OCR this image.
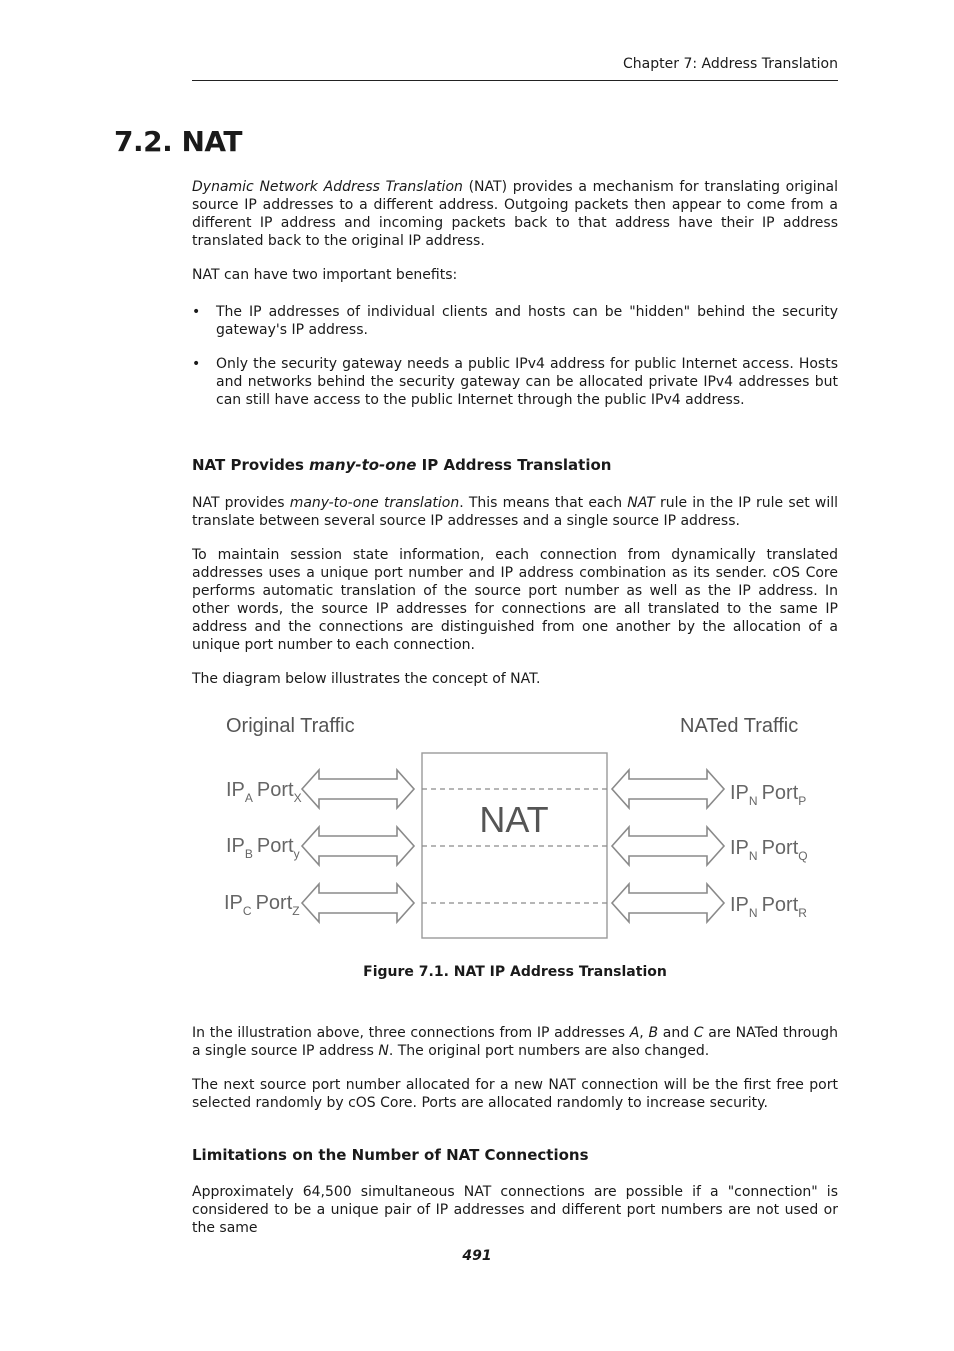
Chapter 7: Address Translation
7.2. NAT

Dynamic Network Address Translation (NAT) provides a mechanism for translating original source IP addresses to a different address. Outgoing packets then appear to come from a different IP address and incoming packets back to that address have their IP address translated back to the original IP address.

NAT can have two important benefits:

• The IP addresses of individual clients and hosts can be "hidden" behind the security gateway's IP address.
• Only the security gateway needs a public IPv4 address for public Internet access. Hosts and networks behind the security gateway can be allocated private IPv4 addresses but can still have access to the public Internet through the public IPv4 address.
NAT Provides many-to-one IP Address Translation

NAT provides many-to-one translation. This means that each NAT rule in the IP rule set will translate between several source IP addresses and a single source IP address.

To maintain session state information, each connection from dynamically translated addresses uses a unique port number and IP address combination as its sender. cOS Core performs automatic translation of the source port number as well as the IP address. In other words, the source IP addresses for connections are all translated to the same IP address and the connections are distinguished from one another by the allocation of a unique port number to each connection.

The diagram below illustrates the concept of NAT.

Original Traffic	NATed Traffic
NAT
$IP_A$ Port$_X$
$IP_B$ Port$_y$
$IP_C$ Port$_Z$
$IP_N$ Port$_P$
$IP_N$ Port$_Q$
$IP_N$ Port$_R$
Figure 7.1. NAT IP Address Translation

In the illustration above, three connections from IP addresses A, B and C are NATed through a single source IP address N. The original port numbers are also changed.

The next source port number allocated for a new NAT connection will be the first free port selected randomly by cOS Core. Ports are allocated randomly to increase security.

Limitations on the Number of NAT Connections

Approximately 64,500 simultaneous NAT connections are possible if a "connection" is considered to be a unique pair of IP addresses and different port numbers are not used or the same

491
